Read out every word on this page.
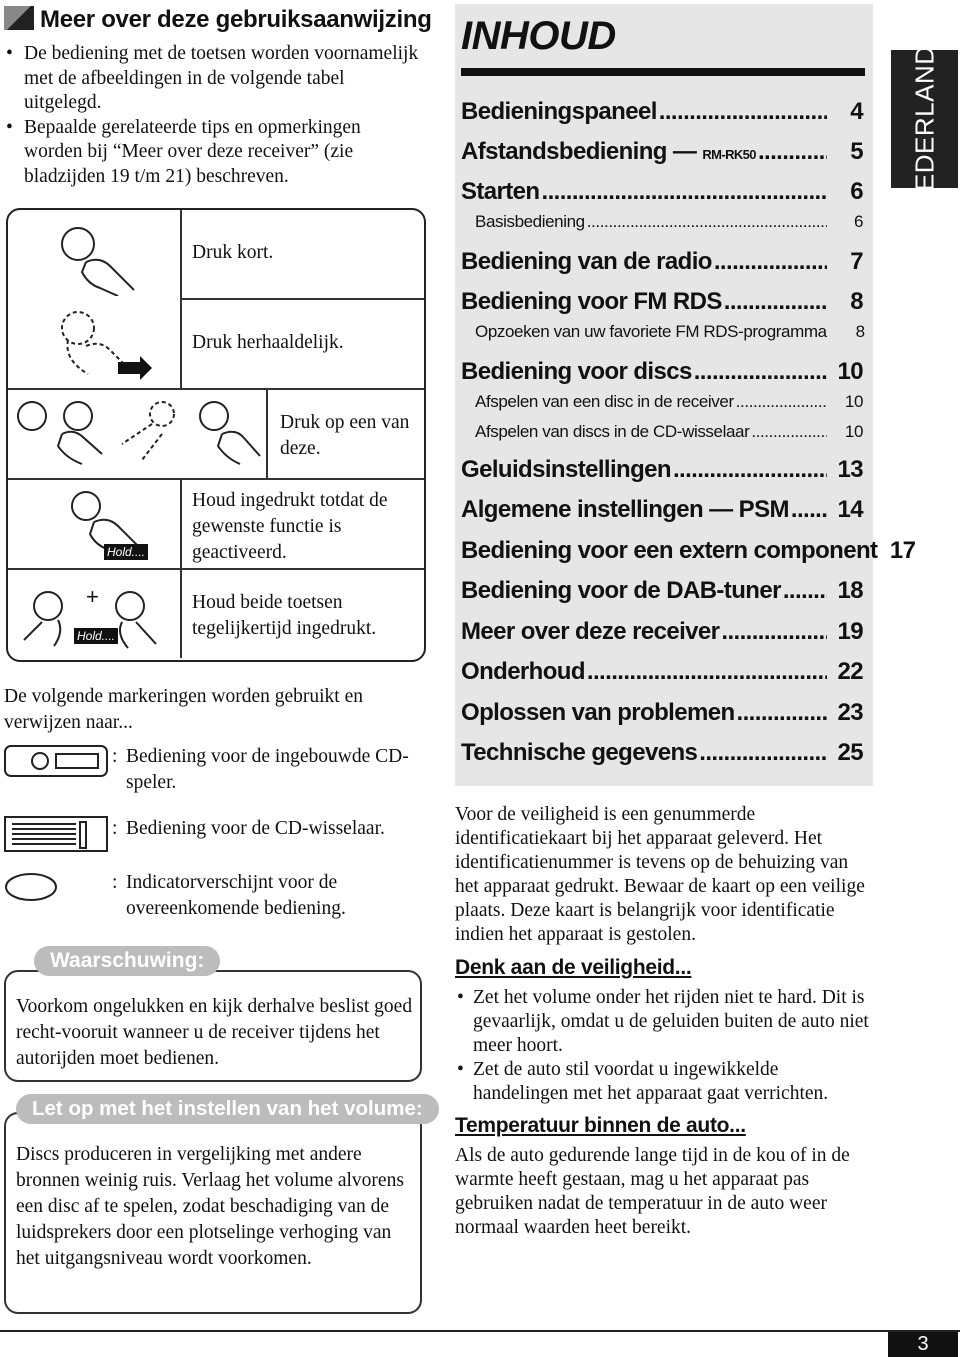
Meer over deze gebruiksaanwijzing
• De bediening met de toetsen worden voornamelijk met de afbeeldingen in de volgende tabel uitgelegd.
• Bepaalde gerelateerde tips en opmerkingen worden bij “Meer over deze receiver” (zie bladzijden 19 t/m 21) beschreven.
Hold....
+
Hold....
Druk kort.
Druk herhaaldelijk.
Druk op een van deze.
Houd ingedrukt totdat de gewenste functie is geactiveerd.
Houd beide toetsen tegelijkertijd ingedrukt.
De volgende markeringen worden gebruikt en verwijzen naar...
: Bediening voor de ingebouwde CD-speler.
: Bediening voor de CD-wisselaar.
: Indicatorverschijnt voor de overeenkomende bediening.
Voorkom ongelukken en kijk derhalve beslist goed recht-vooruit wanneer u de receiver tijdens het autorijden moet bedienen.
Waarschuwing:
Discs produceren in vergelijking met andere bronnen weinig ruis. Verlaag het volume alvorens een disc af te spelen, zodat beschadiging van de luidsprekers door een plotselinge verhoging van het uitgangsniveau wordt voorkomen.
Let op met het instellen van het volume:
INHOUD
Bedieningspaneel .....	4
Afstandsbediening — RM-RK50 .....	5
Starten .....	6
Basisbediening .....	6
Bediening van de radio .....	7
Bediening voor FM RDS .....	8
Opzoeken van uw favoriete FM RDS-programma	8
Bediening voor discs .....	10
Afspelen van een disc in de receiver .....	10
Afspelen van discs in de CD-wisselaar .....	10
Geluidsinstellingen .....	13
Algemene instellingen — PSM .....	14
Bediening voor een extern component 17
Bediening voor de DAB-tuner .....	18
Meer over deze receiver .....	19
Onderhoud .....	22
Oplossen van problemen .....	23
Technische gegevens .....	25
NEDERLANDS
Voor de veiligheid is een genummerde identificatiekaart bij het apparaat geleverd. Het identificatienummer is tevens op de behuizing van het apparaat gedrukt. Bewaar de kaart op een veilige plaats. Deze kaart is belangrijk voor identificatie indien het apparaat is gestolen.
Denk aan de veiligheid...
• Zet het volume onder het rijden niet te hard. Dit is gevaarlijk, omdat u de geluiden buiten de auto niet meer hoort.
• Zet de auto stil voordat u ingewikkelde handelingen met het apparaat gaat verrichten.
Temperatuur binnen de auto...
Als de auto gedurende lange tijd in de kou of in de warmte heeft gestaan, mag u het apparaat pas gebruiken nadat de temperatuur in de auto weer normaal waarden heet bereikt.
3
